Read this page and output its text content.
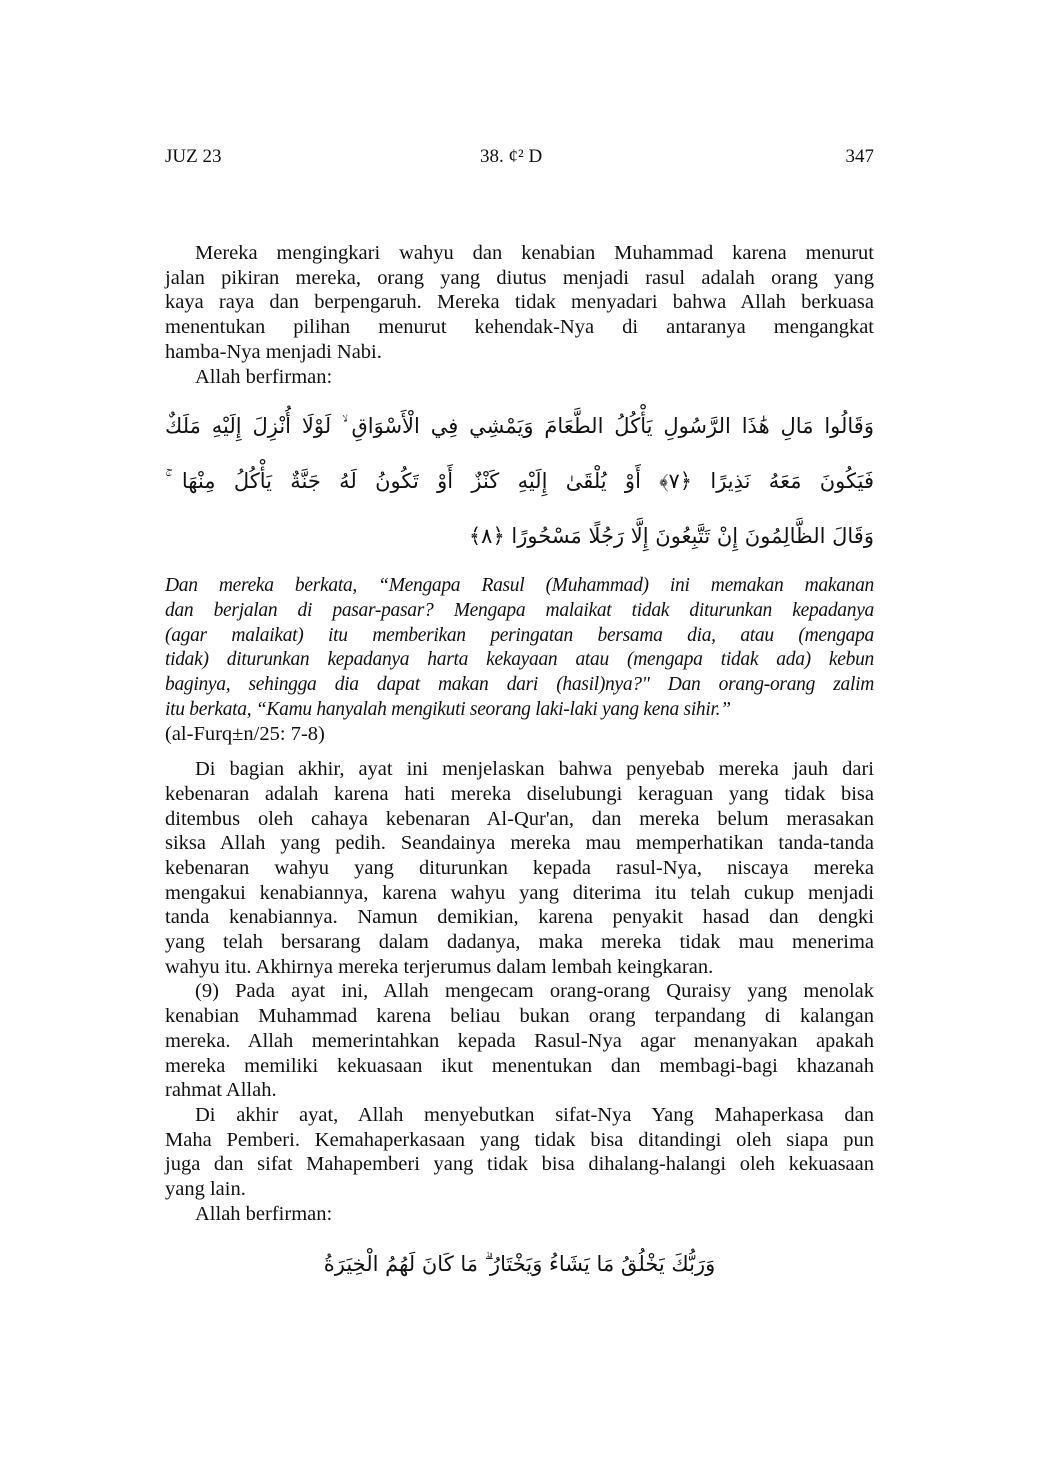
JUZ 23	38. ¢² D	347
Mereka mengingkari wahyu dan kenabian Muhammad karena menurut
jalan pikiran mereka, orang yang diutus menjadi rasul adalah orang yang
kaya raya dan berpengaruh. Mereka tidak menyadari bahwa Allah berkuasa
menentukan pilihan menurut kehendak-Nya di antaranya mengangkat
hamba-Nya menjadi Nabi.
Allah berfirman:
وَقَالُوا مَالِ هَٰذَا الرَّسُولِ يَأْكُلُ الطَّعَامَ وَيَمْشِي فِي الْأَسْوَاقِ ۙ لَوْلَا أُنْزِلَ إِلَيْهِ مَلَكٌ
فَيَكُونَ مَعَهُ نَذِيرًا ﴿٧﴾ أَوْ يُلْقَىٰ إِلَيْهِ كَنْزٌ أَوْ تَكُونُ لَهُ جَنَّةٌ يَأْكُلُ مِنْهَا ۚ
وَقَالَ الظَّالِمُونَ إِنْ تَتَّبِعُونَ إِلَّا رَجُلًا مَسْحُورًا ﴿٨﴾
Dan mereka berkata, “Mengapa Rasul (Muhammad) ini memakan makanan
dan berjalan di pasar-pasar? Mengapa malaikat tidak diturunkan kepadanya
(agar malaikat) itu memberikan peringatan bersama dia, atau (mengapa
tidak) diturunkan kepadanya harta kekayaan atau (mengapa tidak ada) kebun
baginya, sehingga dia dapat makan dari (hasil)nya?" Dan orang-orang zalim
itu berkata, “Kamu hanyalah mengikuti seorang laki-laki yang kena sihir.”
(al-Furq±n/25: 7-8)
Di bagian akhir, ayat ini menjelaskan bahwa penyebab mereka jauh dari
kebenaran adalah karena hati mereka diselubungi keraguan yang tidak bisa
ditembus oleh cahaya kebenaran Al-Qur'an, dan mereka belum merasakan
siksa Allah yang pedih. Seandainya mereka mau memperhatikan tanda-tanda
kebenaran wahyu yang diturunkan kepada rasul-Nya, niscaya mereka
mengakui kenabiannya, karena wahyu yang diterima itu telah cukup menjadi
tanda kenabiannya. Namun demikian, karena penyakit hasad dan dengki
yang telah bersarang dalam dadanya, maka mereka tidak mau menerima
wahyu itu. Akhirnya mereka terjerumus dalam lembah keingkaran.
(9) Pada ayat ini, Allah mengecam orang-orang Quraisy yang menolak
kenabian Muhammad karena beliau bukan orang terpandang di kalangan
mereka. Allah memerintahkan kepada Rasul-Nya agar menanyakan apakah
mereka memiliki kekuasaan ikut menentukan dan membagi-bagi khazanah
rahmat Allah.
Di akhir ayat, Allah menyebutkan sifat-Nya Yang Mahaperkasa dan
Maha Pemberi. Kemahaperkasaan yang tidak bisa ditandingi oleh siapa pun
juga dan sifat Mahapemberi yang tidak bisa dihalang-halangi oleh kekuasaan
yang lain.
Allah berfirman:
وَرَبُّكَ يَخْلُقُ مَا يَشَاءُ وَيَخْتَارُ ۗ مَا كَانَ لَهُمُ الْخِيَرَةُ
